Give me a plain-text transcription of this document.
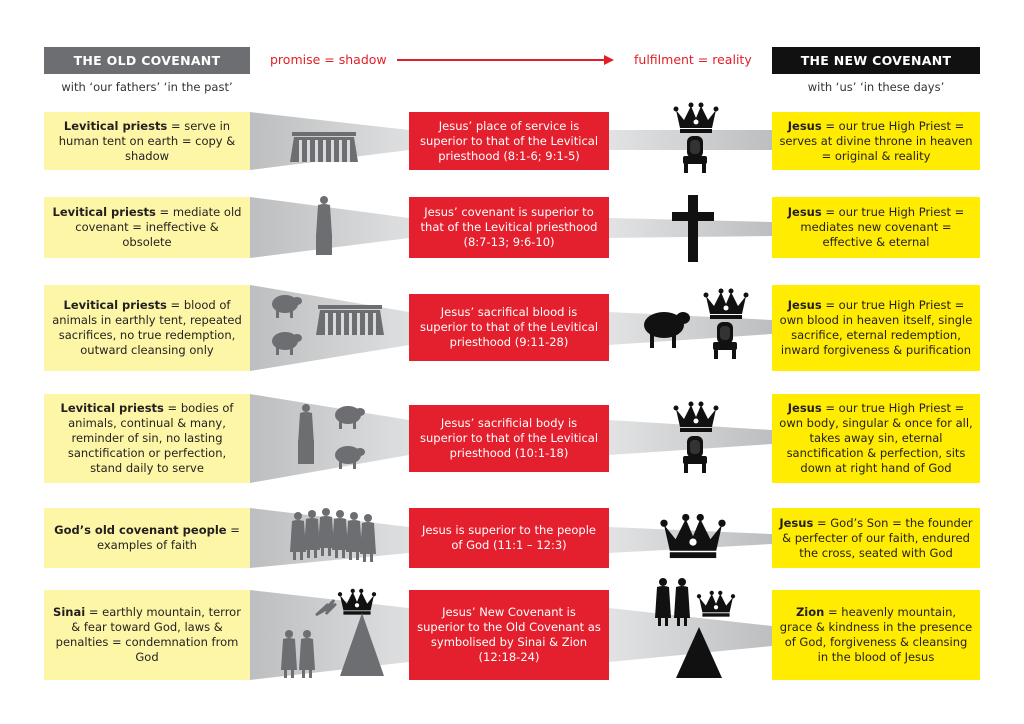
THE OLD COVENANT
with ‘our fathers’ ‘in the past’
promise = shadow	fulfilment = reality	THE NEW COVENANT
with ‘us’ ‘in these days’
Levitical priests = serve in human tent on earth = copy & shadow
Jesus’ place of service is superior to that of the Levitical priesthood (8:1-6; 9:1-5)
Jesus = our true High Priest = serves at divine throne in heaven = original & reality
Levitical priests = mediate old covenant = ineffective & obsolete
Jesus’ covenant is superior to that of the Levitical priesthood (8:7-13; 9:6-10)
Jesus = our true High Priest = mediates new covenant = effective & eternal
Levitical priests = blood of animals in earthly tent, repeated sacrifices, no true redemption, outward cleansing only
Jesus’ sacrifical blood is superior to that of the Levitical priesthood (9:11-28)
Jesus = our true High Priest = own blood in heaven itself, single sacrifice, eternal redemption, inward forgiveness & purification
Levitical priests = bodies of animals, continual & many, reminder of sin, no lasting sanctification or perfection, stand daily to serve
Jesus’ sacrificial body is superior to that of the Levitical priesthood (10:1-18)
Jesus = our true High Priest = own body, singular & once for all, takes away sin, eternal sanctification & perfection, sits down at right hand of God
God’s old covenant people = examples of faith
Jesus is superior to the people of God (11:1 – 12:3)
Jesus = God’s Son = the founder & perfecter of our faith, endured the cross, seated with God
Sinai = earthly mountain, terror & fear toward God, laws & penalties = condemnation from God
Jesus’ New Covenant is superior to the Old Covenant as symbolised by Sinai & Zion (12:18-24)
Zion = heavenly mountain, grace & kindness in the presence of God, forgiveness & cleansing in the blood of Jesus
